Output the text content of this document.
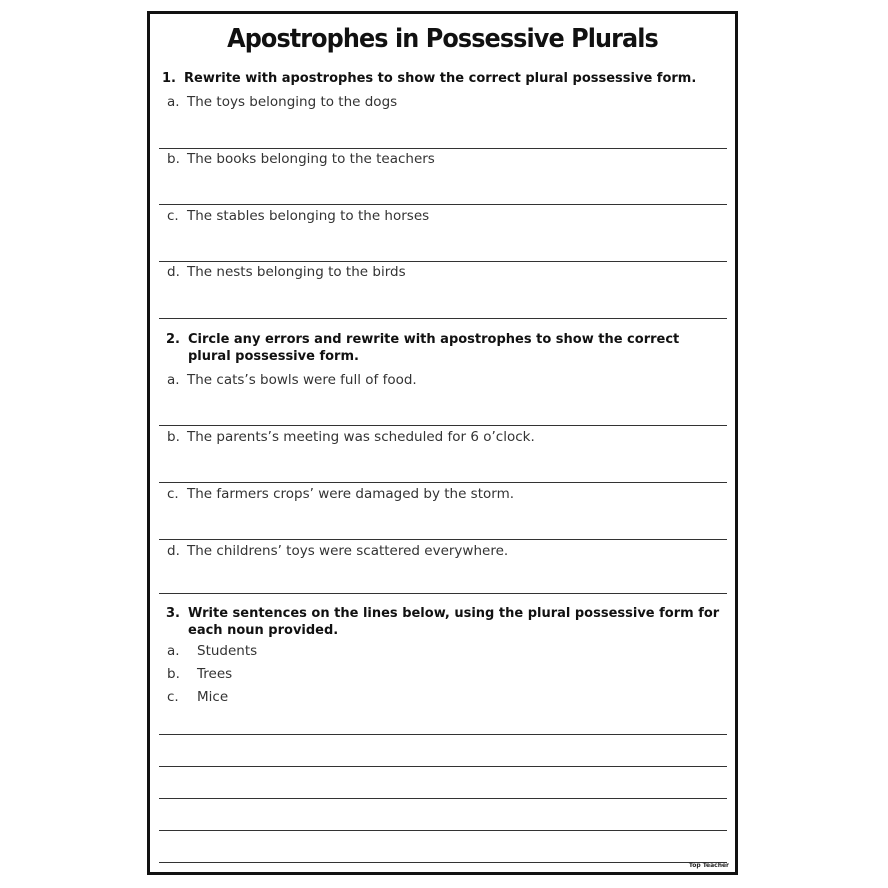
Apostrophes in Possessive Plurals
1. Rewrite with apostrophes to show the correct plural possessive form.
a. The toys belonging to the dogs
b. The books belonging to the teachers
c. The stables belonging to the horses
d. The nests belonging to the birds
2. Circle any errors and rewrite with apostrophes to show the correct plural possessive form.
a. The cats’s bowls were full of food.
b. The parents’s meeting was scheduled for 6 o’clock.
c. The farmers crops’ were damaged by the storm.
d. The childrens’ toys were scattered everywhere.
3. Write sentences on the lines below, using the plural possessive form for each noun provided.
a.	Students
b.	Trees
c.	Mice
Top Teacher
